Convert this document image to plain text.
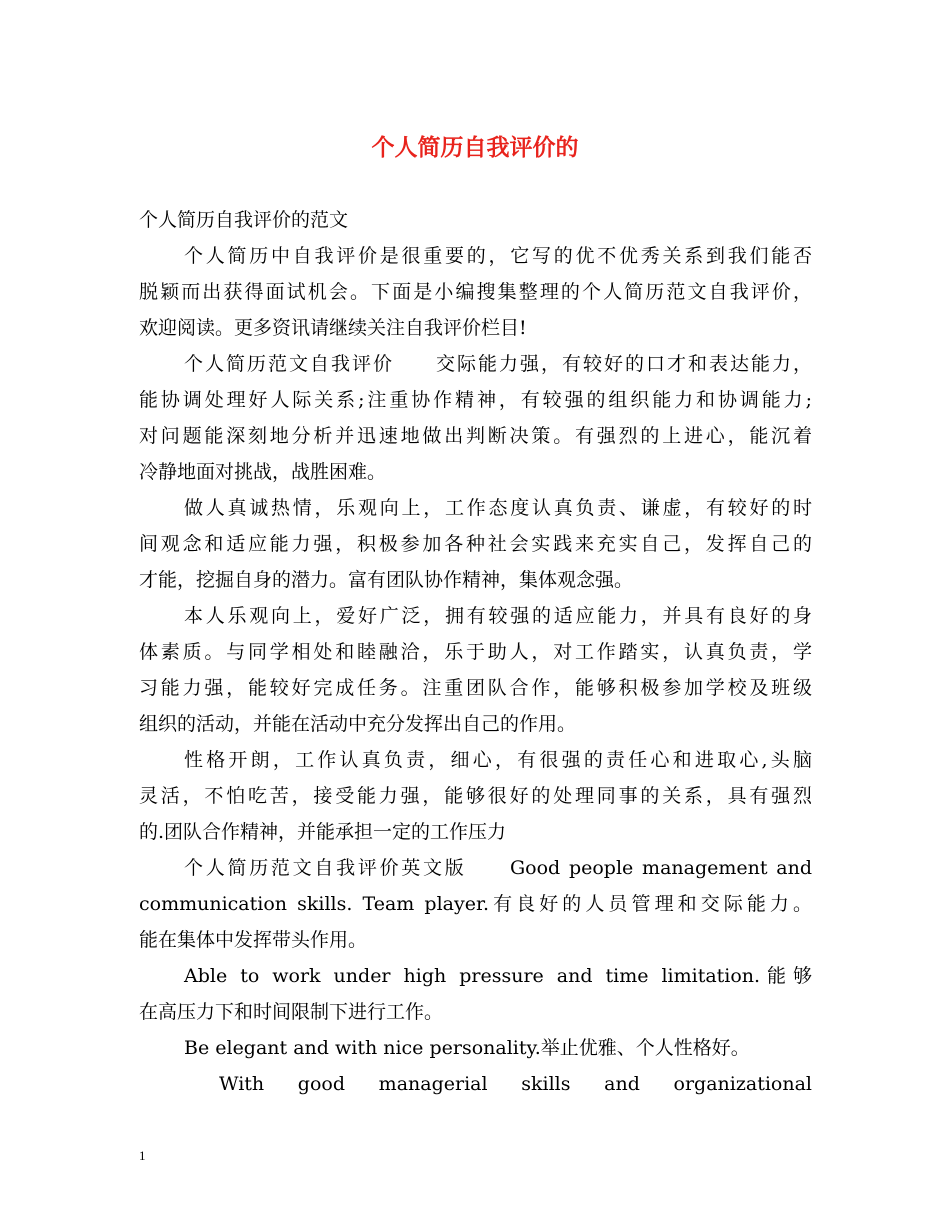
个人简历自我评价的
个人简历自我评价的范文
个人简历中自我评价是很重要的，它写的优不优秀关系到我们能否
脱颖而出获得面试机会。下面是小编搜集整理的个人简历范文自我评价，
欢迎阅读。更多资讯请继续关注自我评价栏目!
个人简历范文自我评价　　交际能力强，有较好的口才和表达能力，
能协调处理好人际关系;注重协作精神，有较强的组织能力和协调能力;
对问题能深刻地分析并迅速地做出判断决策。有强烈的上进心，能沉着
冷静地面对挑战，战胜困难。
做人真诚热情，乐观向上，工作态度认真负责、谦虚，有较好的时
间观念和适应能力强，积极参加各种社会实践来充实自己，发挥自己的
才能，挖掘自身的潜力。富有团队协作精神，集体观念强。
本人乐观向上，爱好广泛，拥有较强的适应能力，并具有良好的身
体素质。与同学相处和睦融洽，乐于助人，对工作踏实，认真负责，学
习能力强，能较好完成任务。注重团队合作，能够积极参加学校及班级
组织的活动，并能在活动中充分发挥出自己的作用。
性格开朗，工作认真负责，细心，有很强的责任心和进取心,头脑
灵活，不怕吃苦，接受能力强，能够很好的处理同事的关系，具有强烈
的.团队合作精神，并能承担一定的工作压力
个人简历范文自我评价英文版　　Good people management and
communication skills. Team player.有良好的人员管理和交际能力。
能在集体中发挥带头作用。
Able to work under high pressure and time limitation.能够
在高压力下和时间限制下进行工作。
Be elegant and with nice personality.举止优雅、个人性格好。
With good managerial skills and organizational
1
